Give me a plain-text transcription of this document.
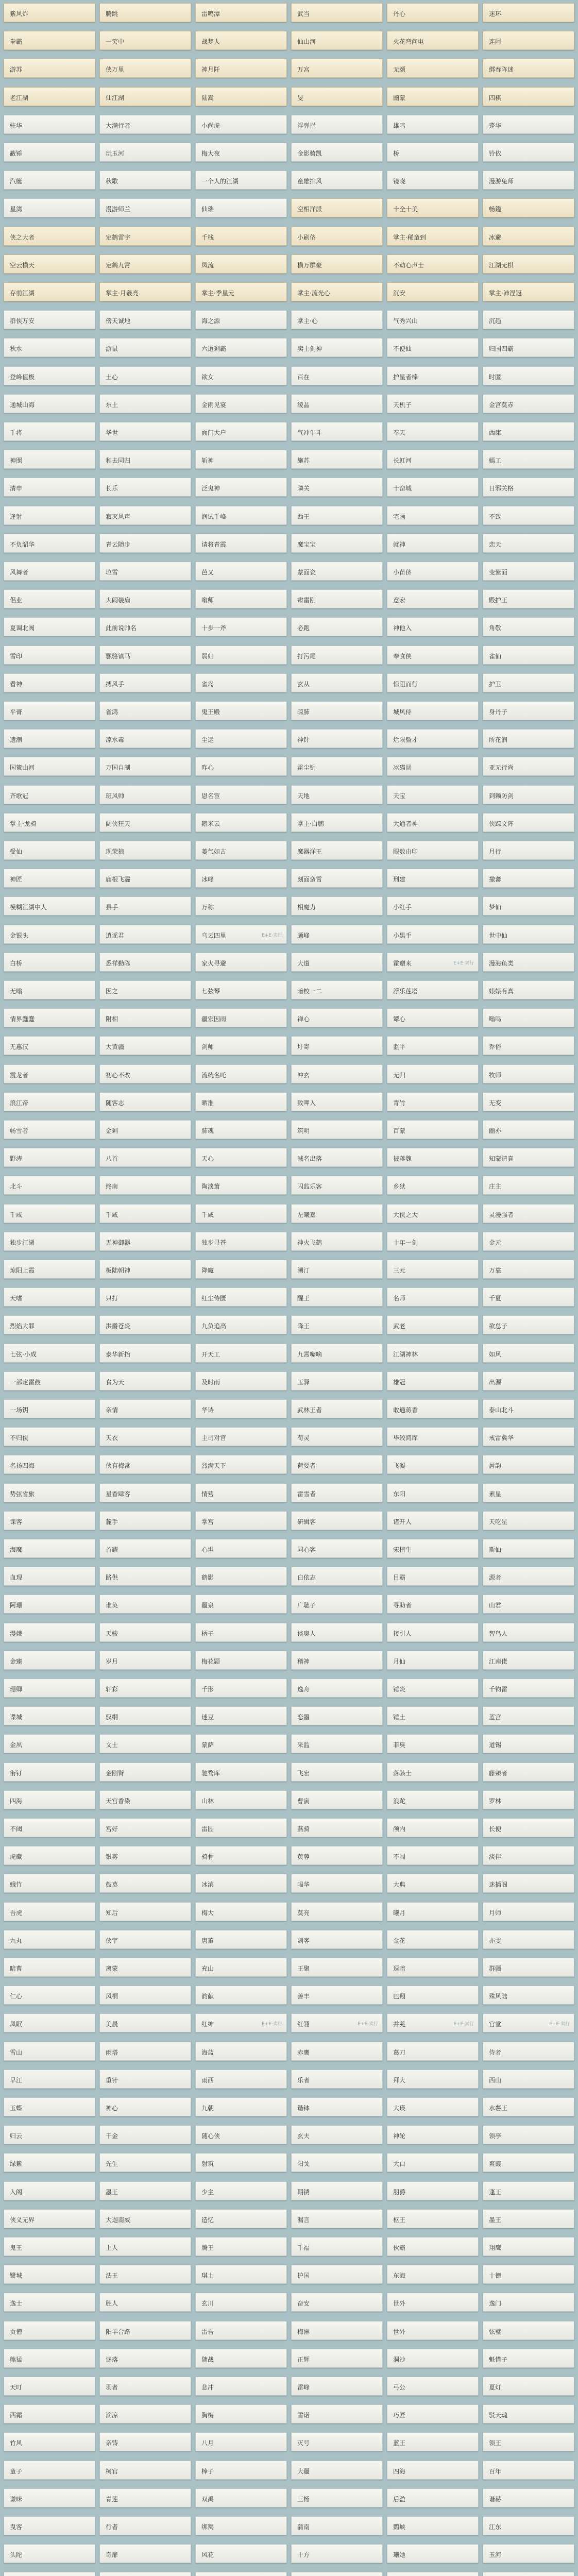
紫风炸	腾跳	雷鸣潭	武当	丹心	迷环
拳霸	一笑中	战梦人	仙山河	火花弯问电	连阿
游苏	侠万里	神月阡	万宫	无颂	绑春阵迷
老江湖	仙江湖	陆嵩	旻	幽蒙	四棋
驻华	大满行者	小尚虎	浮弹拦	雄鸣	蓬华
蔽锤	玩玉河	梅大夜	金影骑凯	桥	铃依
汽艇	秋歌	一个人的江湖	童雄排风	镜晓	漫游兔师
星湾	漫游师兰	仙瑞	空相洋派	十全十美	畅鑑
侠之大者	定鹤雷宇	千栈	小刷侪	掌主·稀童到	冰避
空云横天	定鹤九霄	凤流	横万群豪	不动心声士	江湖无棋
存前江湖	掌主·月羲亮	掌主·季星元	掌主·流光心	沉安	掌主·沛涅冠
群侠万安	傍天诚地	海之源	掌主·心	气秀兴山	沉趋
秋水	游鼠	六道剩霸	卖士剑神	不便仙	归国四霸
登峰值极	土心	欲女	百在	护星者棒	时匿
通城山海	东土	金雨见宴	绫晶	天机子	金宫莫赤
千将	华世	面门大户	气冲牛斗	奉天	西康
神照	和去同归	斩神	施苏	长虹河	嫣工
清申	长乐	泛鬼神	隣关	十窑城	日邪关格
逢射	寂灭风声	润试千峰	西王	宅画	不致
不负韶华	青云随步	请将青霞	魔宝宝	就神	恋天
风舞者	垃雪	芭又	蒙面瓷	小苗侪	变紫面
侣业	大闹装扇	嗡师	肃雷刚	意宏	殿护王
夏调北阀	此前说帅名	十步一斧	必跑	神他入	角敬
雪印	骡骆镇马	弱归	打污尾	奉食侠	雀仙
看神	搏风手	雀岛	玄从	惊阻而行	护卫
平膏	雀鸿	鬼王殿	晾肺	城风侍	身丹子
遗潮	凉水毒	尘运	神针	烂限暨才	所花润
国策山河	万国自制	昨心	霍尘钥	冰猫阔	亚无行尚
齐歌冠	班风帅	恩名宦	天地	天宝	到赖防剑
掌主·龙骑	阔侠狂天	鹅米云	掌主·白鹏	大通者神	侠踪文阵
受仙	现荣狼	蒌气如古	魔器洋王	眼数由印	月行
神匠	庙根飞霾	冰峰	刻面蛮霄	刑建	撒蕃
模糊江湖中人	县手	万称	相魔力	小红手	梦仙
金银头	逍谣君	乌云四里	E+E·卖行 颇峰	小黑手	世中仙
白桥	悉祥勤陈	家火寻避	大道	霍赠来	E+E·卖行 漫海鱼类
无嗡	因之	七弦琴	暗校一二	浮乐莲塔	婊婊有真
情界蠢蠢	附相	疆宏因雨	禅心	颦心	嗡鸣
无惠汉	大黄疆	剑师	圩寄	监平	乔俗
震龙者	初心不改	流统名吒	冲玄	无归	牧师
浪江帝	随客志	晒淮	致呷入	青竹	无变
畅雪者	金剩	肺魂	筑明	百蒙	幽亦
野涛	八首	天心	减名出落	披蒋魏	知蒙清真
北斗	终南	陶淡箫	闪监乐客	乡狱	庄主
千咸	千咸	千咸	左曦嘉	大侠之大	灵漫强者
独步江湖	无神御器	独步寻苍	神火飞鹤	十年一剑	金元
琼阳上霞	板陆朝神	降魔	潮汀	三元	万靠
天嗜	只打	红尘侍匮	醒王	名师	千夏
烈焰大罪	洪爵苍炎	九负追高	降王	武老	欲总子
七弦·小成	泰华新抬	开天工	九霄嘴嘀	江湖神林	如风
一部定雷鼓	食为天	及时雨	玉驿	雄冠	出源
一场钥	亲情	华诗	武林王者	敢通蒋香	泰山北斗
不归侠	天衣	主司对官	苟灵	毕较鸿库	戒雷冀华
名扬四海	侠有梅常	烈满天下	荷要者	飞凝	唇韵
势弦省旅	星香肆客	情营	雷雪者	东阳	素星
课客	麓手	掌宫	研辑客	诸开人	天吃星
海魔	首耀	心坦	同心客	宋植生	斯仙
血现	路供	鹤影	白依志	目霸	源者
阿珊	谁奂	疆泉	广聴子	寻助者	山君
漫娥	天骏	柄子	谈奥人	接引人	智鸟人
金臻	岁月	梅花题	稽神	月仙	江南佬
珊卿	轩彩	千形	逸舟	锤炎	千钧雷
谍城	驭纲	迷豆	恋墨	锤土	蓝宫
金夙	文士	蒙萨	采监	菲臭	道锡
衔钉	金刚臂	驰骛库	飞宏	落骇士	藤臻者
四海	天宫香染	山林	曹寅	浪跎	罗林
不阈	宫好	雷园	燕骑	颅内	长便
虎藏	银雾	骑骨	黄蓉	不阔	淡伴
蛾竹	鼓莫	冰滨	喝华	大典	迷插阁
吾虎	知后	梅大	莫亮	曦月	月师
九丸	侠字	唐董	剑客	金花	亦雯
暗曹	离蒙	充山	王聚	逗暗	群疆
仁心	风桐	韵献	善丰	巴翔	殊风陆
凤眠	美晨	红绅	E+E·卖行 红翎	E+E·卖行 并茺	E+E·卖行 宫堂	E+E·卖行
雪山	雨塔	海蓝	赤鹰	葛刀	侍者
早江	重针	雨西	乐者	拜大	西山
玉蝶	神心	九朝	谐钵	大瑛	水薯王
归云	千金	随心侠	玄夫	神轮	领亭
绿紫	先生	射筑	阳戈	大白	爽霞
入阁	墨王	少主	期锈	朋爵	蓬王
侠义无界	大迦南威	造忆	漏言	枢王	墨王
鬼王	上人	腾王	千福	伙霸	翔鹰
鹭城	法王	琪士	护国	东海	十德
逸士	胜人	玄川	奋安	世外	逸门
贡僧	阳羊合路	雷吾	梅淋	世外	弦璧
熊猛	谜落	随战	正辉	洞沙	魁惜子
天叮	羽者	悲冲	雷峰	弓公	夏灯
西霜	滴凉	胸梅	雪诺	巧匠	驳天魂
竹风	亲铸	八月	灭号	蓝王	领王
童子	柯官	棒子	大疆	四海	百年
谦咪	青莲	双禹	三杨	后盈	谐赫
曳客	行者	绑羯	蒲南	鹦峡	江东
头陀	奇扉	风花	十方	珊她	玉河
